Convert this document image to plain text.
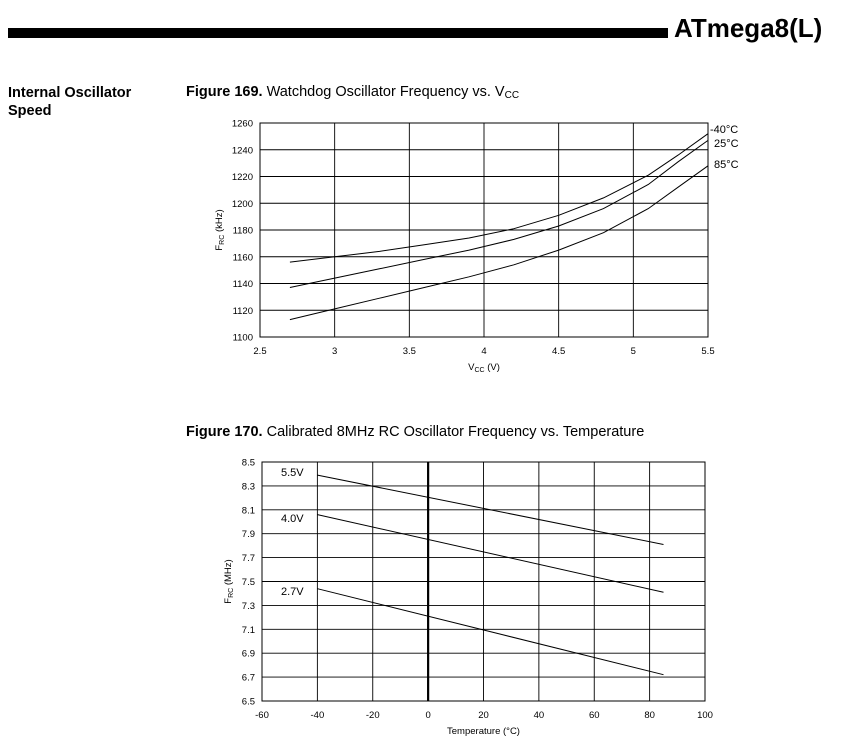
ATmega8(L)
Internal Oscillator Speed
Figure 169. Watchdog Oscillator Frequency vs. $V_{CC}$
Figure 170. Calibrated 8MHz RC Oscillator Frequency vs. Temperature
2.5	3	3.5	4	4.5	5	5.5
1100
1120
1140
1160
1180
1200
1220
1240
1260	-40°C
25°C
85°C
$V_{CC}$ (V)
$F_{RC}$ (kHz)
-60	-40	-20	0	20	40	60	80	100
6.5
6.7
6.9
7.1
7.3
7.5
7.7
7.9
8.1
8.3
8.5
5.5V
4.0V
2.7V
Temperature (°C)
$F_{RC}$ (MHz)
